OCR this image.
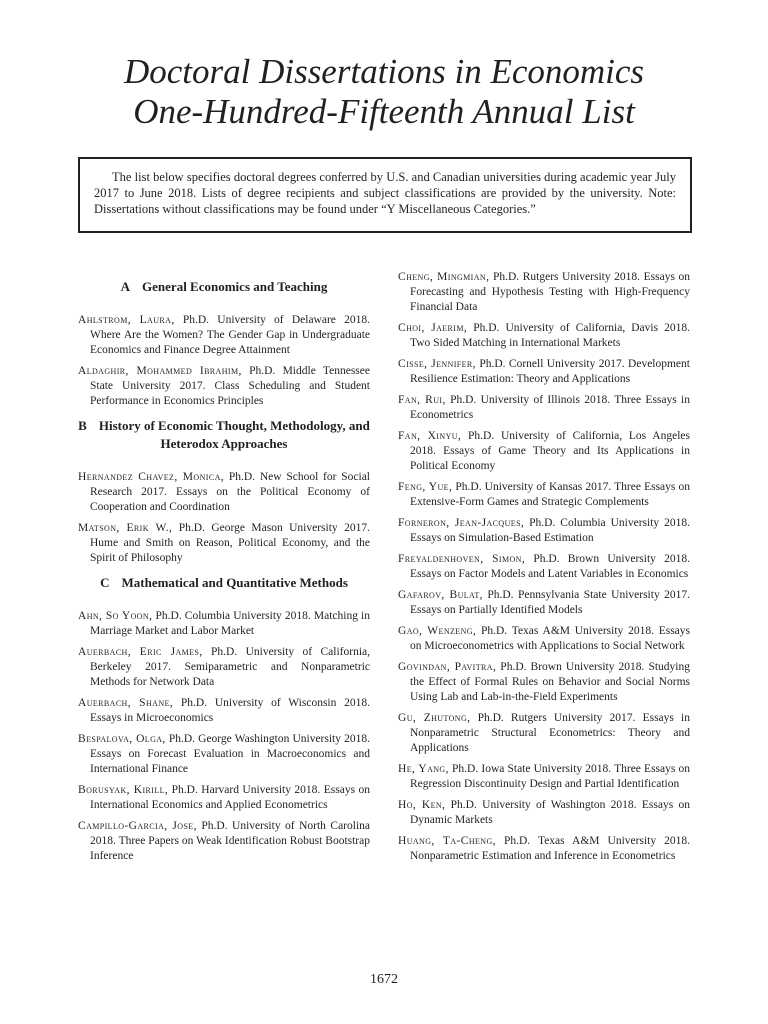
Doctoral Dissertations in Economics
One-Hundred-Fifteenth Annual List
The list below specifies doctoral degrees conferred by U.S. and Canadian universities during academic year July 2017 to June 2018. Lists of degree recipients and subject classifications are provided by the university. Note: Dissertations without classifications may be found under “Y Miscellaneous Categories.”
A General Economics and Teaching
Ahlstrom, Laura, Ph.D. University of Delaware 2018. Where Are the Women? The Gender Gap in Undergraduate Economics and Finance Degree Attainment
Aldaghir, Mohammed Ibrahim, Ph.D. Middle Tennessee State University 2017. Class Scheduling and Student Performance in Economics Principles
B History of Economic Thought, Methodology, and Heterodox Approaches
Hernandez Chavez, Monica, Ph.D. New School for Social Research 2017. Essays on the Political Economy of Cooperation and Coordination
Matson, Erik W., Ph.D. George Mason University 2017. Hume and Smith on Reason, Political Economy, and the Spirit of Philosophy
C Mathematical and Quantitative Methods
Ahn, So Yoon, Ph.D. Columbia University 2018. Matching in Marriage Market and Labor Market
Auerbach, Eric James, Ph.D. University of California, Berkeley 2017. Semiparametric and Nonparametric Methods for Network Data
Auerbach, Shane, Ph.D. University of Wisconsin 2018. Essays in Microeconomics
Bespalova, Olga, Ph.D. George Washington University 2018. Essays on Forecast Evaluation in Macroeconomics and International Finance
Borusyak, Kirill, Ph.D. Harvard University 2018. Essays on International Economics and Applied Econometrics
Campillo-Garcia, Jose, Ph.D. University of North Carolina 2018. Three Papers on Weak Identification Robust Bootstrap Inference
Cheng, Mingmian, Ph.D. Rutgers University 2018. Essays on Forecasting and Hypothesis Testing with High-Frequency Financial Data
Choi, Jaerim, Ph.D. University of California, Davis 2018. Two Sided Matching in International Markets
Cisse, Jennifer, Ph.D. Cornell University 2017. Development Resilience Estimation: Theory and Applications
Fan, Rui, Ph.D. University of Illinois 2018. Three Essays in Econometrics
Fan, Xinyu, Ph.D. University of California, Los Angeles 2018. Essays of Game Theory and Its Applications in Political Economy
Feng, Yue, Ph.D. University of Kansas 2017. Three Essays on Extensive-Form Games and Strategic Complements
Forneron, Jean-Jacques, Ph.D. Columbia University 2018. Essays on Simulation-Based Estimation
Freyaldenhoven, Simon, Ph.D. Brown University 2018. Essays on Factor Models and Latent Variables in Economics
Gafarov, Bulat, Ph.D. Pennsylvania State University 2017. Essays on Partially Identified Models
Gao, Wenzeng, Ph.D. Texas A&M University 2018. Essays on Microeconometrics with Applications to Social Network
Govindan, Pavitra, Ph.D. Brown University 2018. Studying the Effect of Formal Rules on Behavior and Social Norms Using Lab and Lab-in-the-Field Experiments
Gu, Zhutong, Ph.D. Rutgers University 2017. Essays in Nonparametric Structural Econometrics: Theory and Applications
He, Yang, Ph.D. Iowa State University 2018. Three Essays on Regression Discontinuity Design and Partial Identification
Ho, Ken, Ph.D. University of Washington 2018. Essays on Dynamic Markets
Huang, Ta-Cheng, Ph.D. Texas A&M University 2018. Nonparametric Estimation and Inference in Econometrics
1672
